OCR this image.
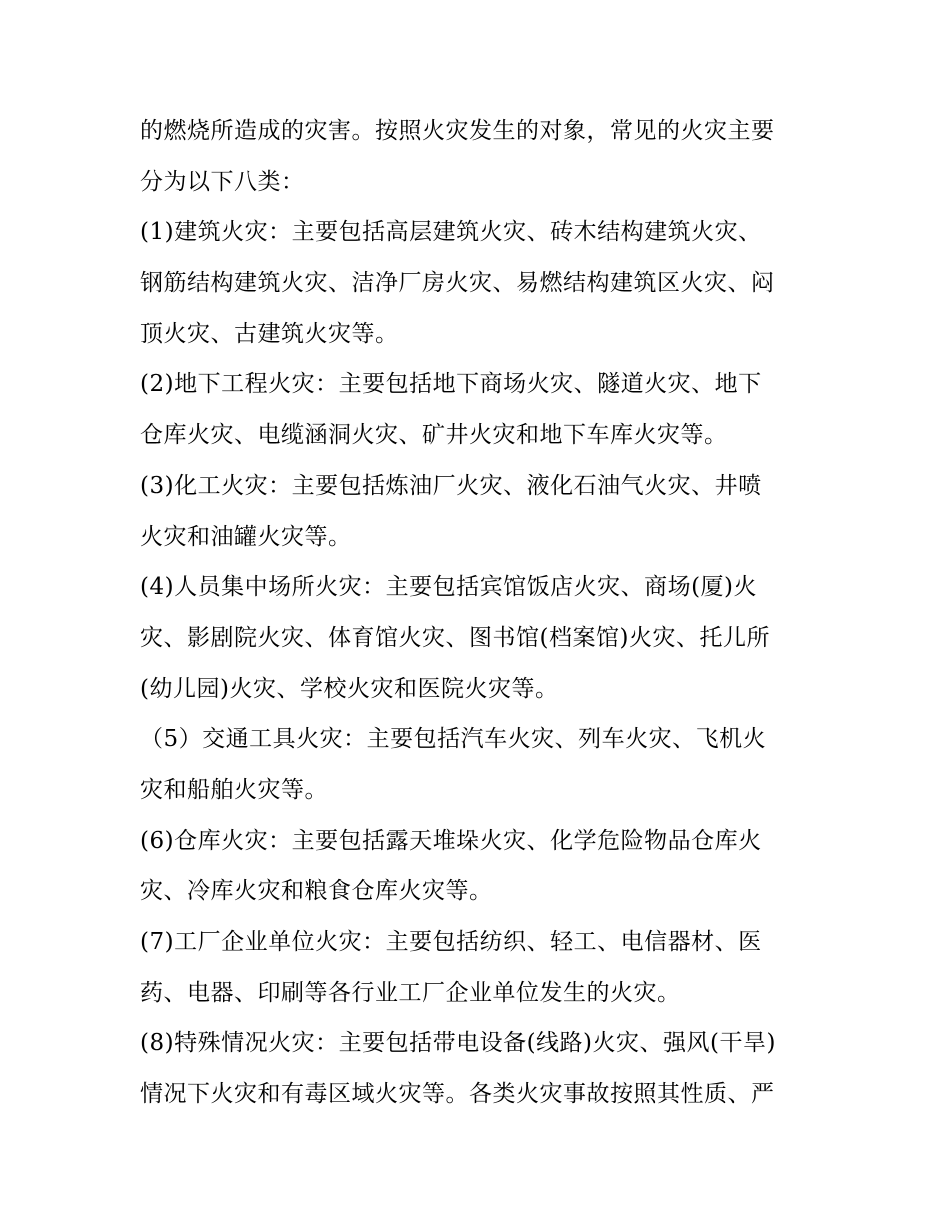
的燃烧所造成的灾害。按照火灾发生的对象，常见的火灾主要
分为以下八类：
(1)建筑火灾：主要包括高层建筑火灾、砖木结构建筑火灾、
钢筋结构建筑火灾、洁净厂房火灾、易燃结构建筑区火灾、闷
顶火灾、古建筑火灾等。
(2)地下工程火灾：主要包括地下商场火灾、隧道火灾、地下
仓库火灾、电缆涵洞火灾、矿井火灾和地下车库火灾等。
(3)化工火灾：主要包括炼油厂火灾、液化石油气火灾、井喷
火灾和油罐火灾等。
(4)人员集中场所火灾：主要包括宾馆饭店火灾、商场(厦)火
灾、影剧院火灾、体育馆火灾、图书馆(档案馆)火灾、托儿所
(幼儿园)火灾、学校火灾和医院火灾等。
（5）交通工具火灾：主要包括汽车火灾、列车火灾、飞机火
灾和船舶火灾等。
(6)仓库火灾：主要包括露天堆垛火灾、化学危险物品仓库火
灾、冷库火灾和粮食仓库火灾等。
(7)工厂企业单位火灾：主要包括纺织、轻工、电信器材、医
药、电器、印刷等各行业工厂企业单位发生的火灾。
(8)特殊情况火灾：主要包括带电设备(线路)火灾、强风(干旱)
情况下火灾和有毒区域火灾等。各类火灾事故按照其性质、严
